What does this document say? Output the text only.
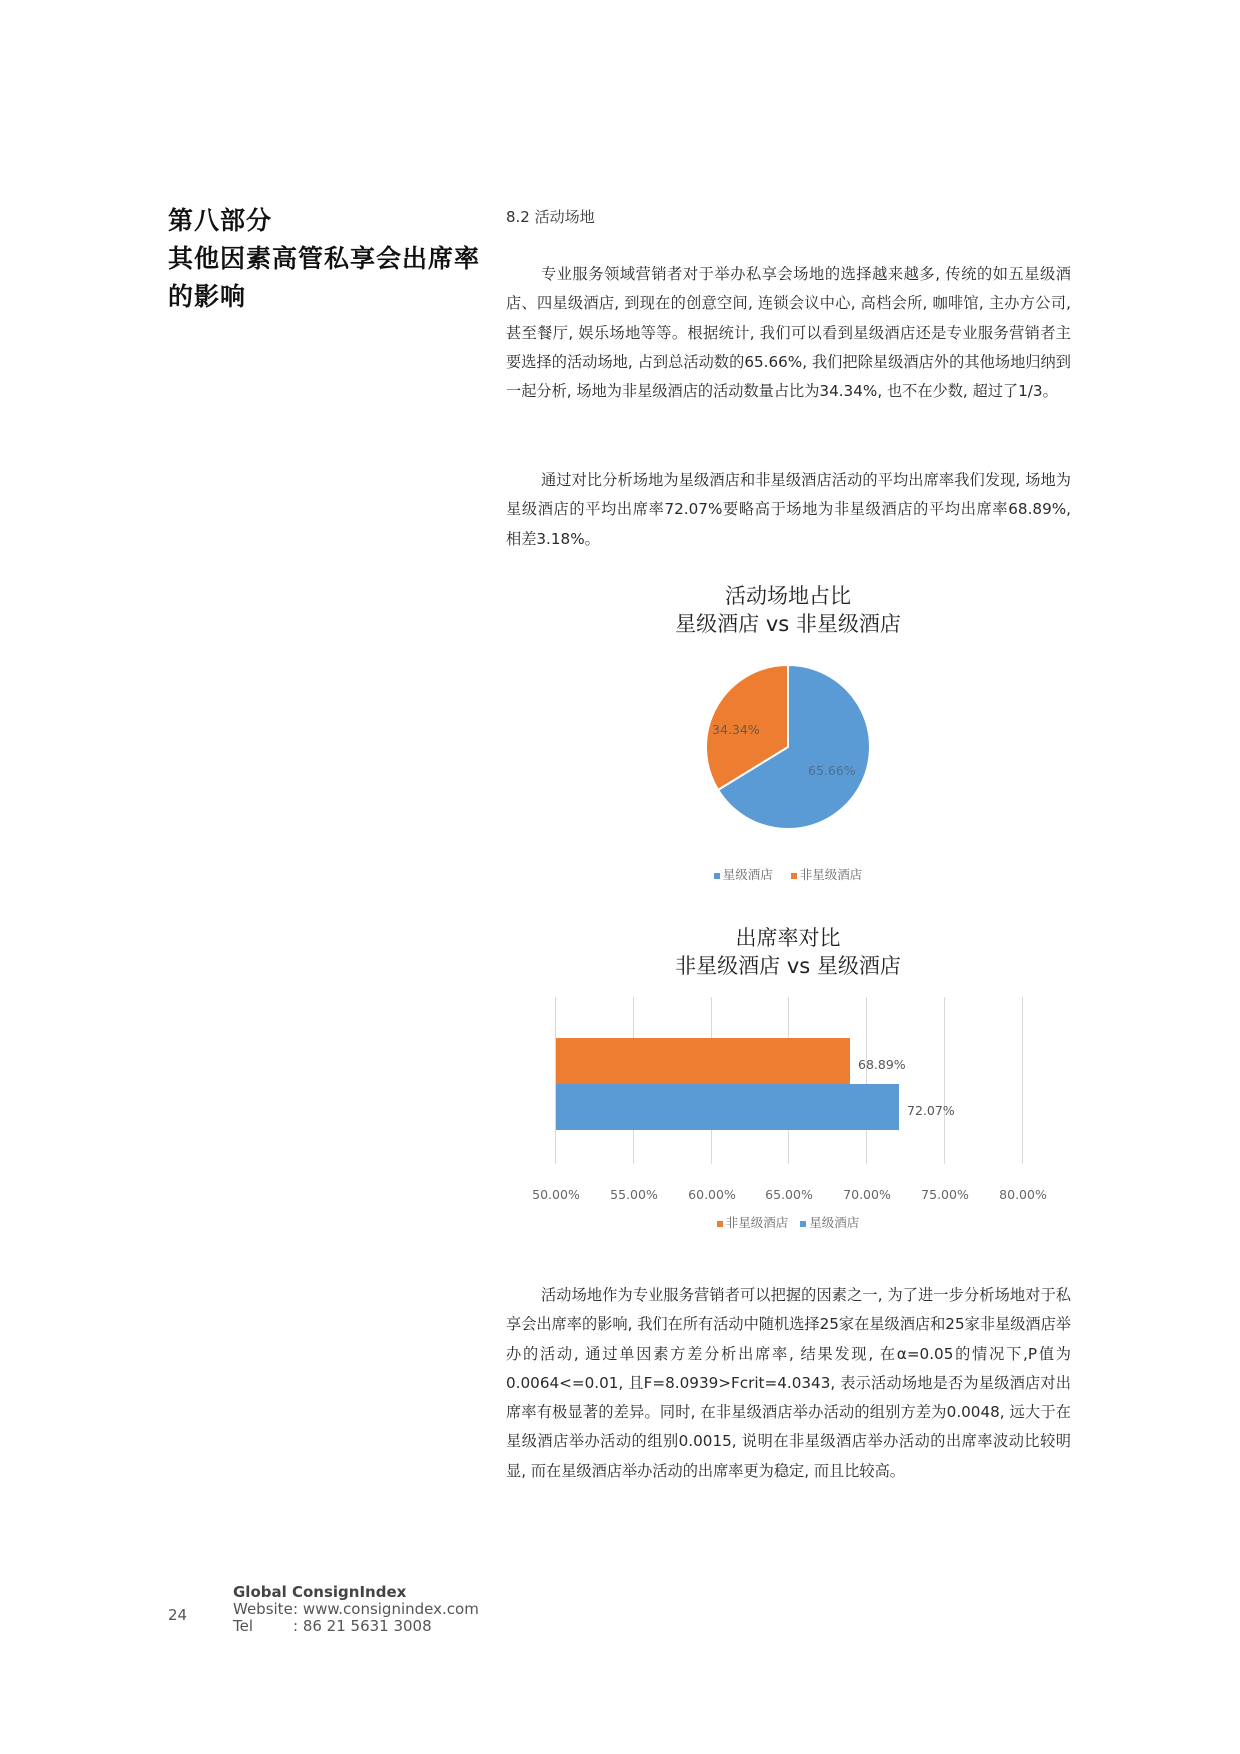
第八部分
其他因素高管私享会出席率
的影响
8.2 活动场地

专业服务领域营销者对于举办私享会场地的选择越来越多, 传统的如五星级酒店、四星级酒店, 到现在的创意空间, 连锁会议中心, 高档会所, 咖啡馆, 主办方公司, 甚至餐厅, 娱乐场地等等。根据统计, 我们可以看到星级酒店还是专业服务营销者主要选择的活动场地, 占到总活动数的65.66%, 我们把除星级酒店外的其他场地归纳到一起分析, 场地为非星级酒店的活动数量占比为34.34%, 也不在少数, 超过了1/3。

通过对比分析场地为星级酒店和非星级酒店活动的平均出席率我们发现, 场地为星级酒店的平均出席率72.07%要略高于场地为非星级酒店的平均出席率68.89%, 相差3.18%。

活动场地占比
星级酒店 vs 非星级酒店
34.34%
65.66%
星级酒店 非星级酒店
出席率对比
非星级酒店 vs 星级酒店
68.89%
72.07%
50.00% 55.00% 60.00% 65.00% 70.00% 75.00% 80.00%
非星级酒店 星级酒店

活动场地作为专业服务营销者可以把握的因素之一, 为了进一步分析场地对于私享会出席率的影响, 我们在所有活动中随机选择25家在星级酒店和25家非星级酒店举办的活动, 通过单因素方差分析出席率, 结果发现, 在α=0.05的情况下,P值为0.0064<=0.01, 且F=8.0939>Fcrit=4.0343, 表示活动场地是否为星级酒店对出席率有极显著的差异。同时, 在非星级酒店举办活动的组别方差为0.0048, 远大于在星级酒店举办活动的组别0.0015, 说明在非星级酒店举办活动的出席率波动比较明显, 而在星级酒店举办活动的出席率更为稳定, 而且比较高。

24
Global ConsignIndex
Website: www.consignindex.com
Tel	: 86 21 5631 3008
